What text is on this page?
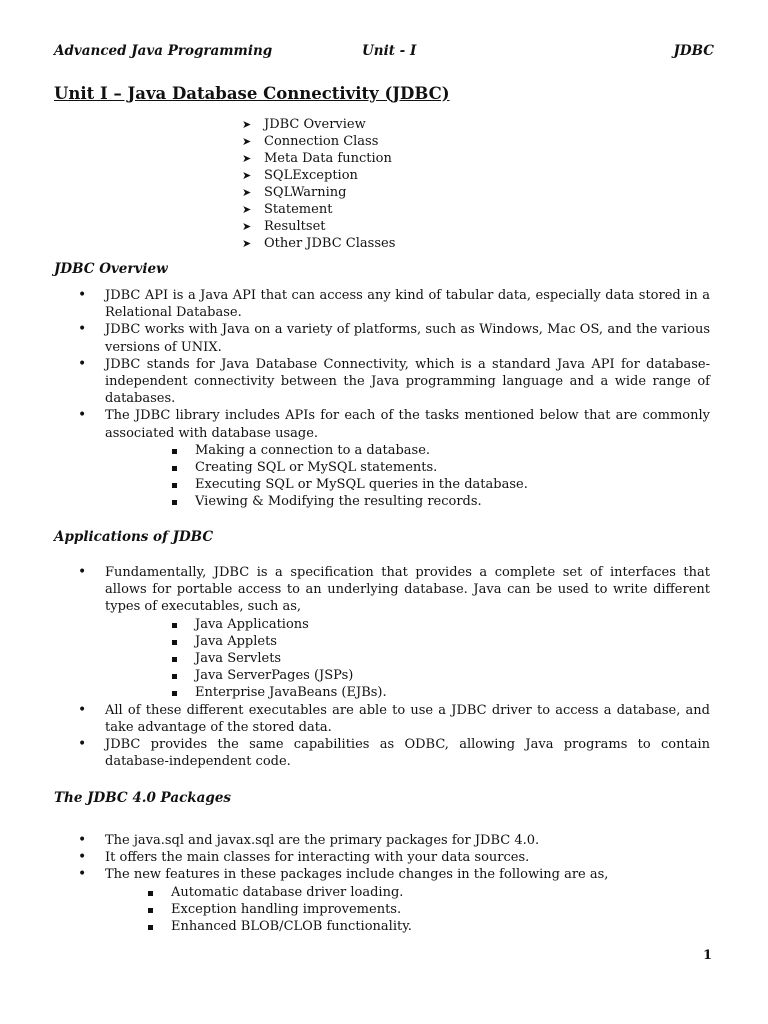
Advanced Java Programming	Unit - I	JDBC
Unit I – Java Database Connectivity (JDBC)
➤ JDBC Overview
➤ Connection Class
➤ Meta Data function
➤ SQLException
➤ SQLWarning
➤ Statement
➤ Resultset
➤ Other JDBC Classes
JDBC Overview
• JDBC API is a Java API that can access any kind of tabular data, especially data stored in a Relational Database.
• JDBC works with Java on a variety of platforms, such as Windows, Mac OS, and the various versions of UNIX.
• JDBC stands for Java Database Connectivity, which is a standard Java API for database-independent connectivity between the Java programming language and a wide range of databases.
• The JDBC library includes APIs for each of the tasks mentioned below that are commonly associated with database usage.
Making a connection to a database.
Creating SQL or MySQL statements.
Executing SQL or MySQL queries in the database.
Viewing & Modifying the resulting records.
Applications of JDBC
• Fundamentally, JDBC is a specification that provides a complete set of interfaces that allows for portable access to an underlying database. Java can be used to write different types of executables, such as,
Java Applications
Java Applets
Java Servlets
Java ServerPages (JSPs)
Enterprise JavaBeans (EJBs).
• All of these different executables are able to use a JDBC driver to access a database, and take advantage of the stored data.
• JDBC provides the same capabilities as ODBC, allowing Java programs to contain database-independent code.
The JDBC 4.0 Packages
• The java.sql and javax.sql are the primary packages for JDBC 4.0.
• It offers the main classes for interacting with your data sources.
• The new features in these packages include changes in the following are as,
Automatic database driver loading.
Exception handling improvements.
Enhanced BLOB/CLOB functionality.
1
